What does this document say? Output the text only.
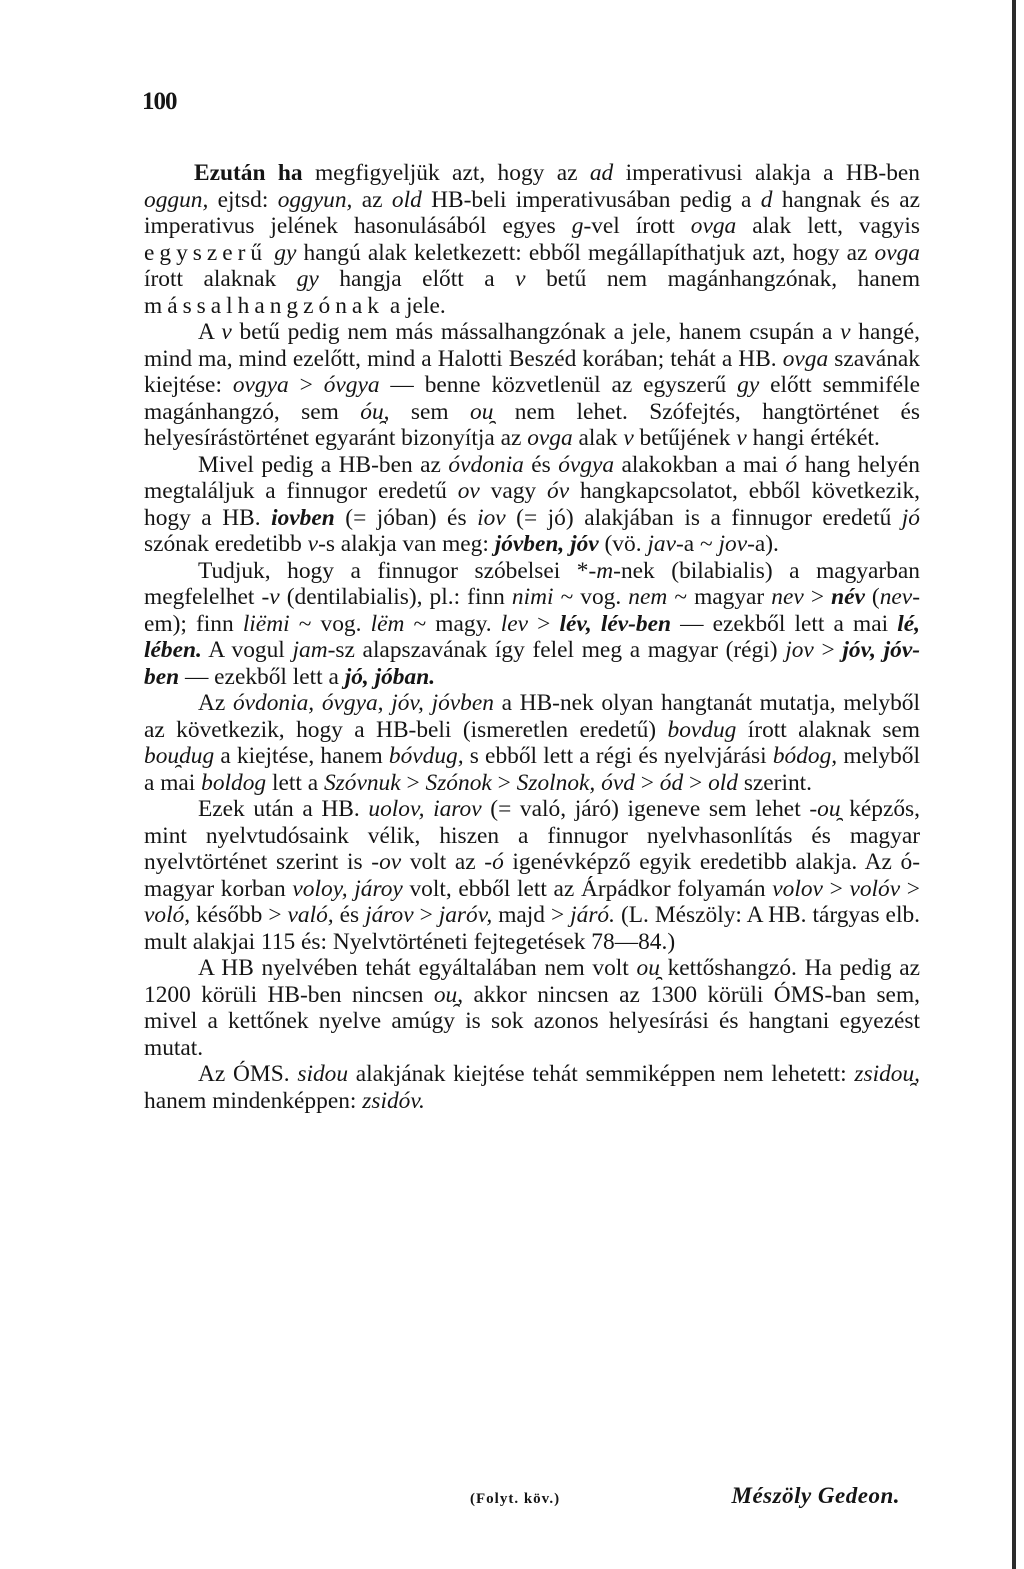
100

Ezután ha megfigyeljük azt, hogy az ad imperativusi alakja a HB-ben oggun, ejtsd: oggyun, az old HB-beli imperativusában pedig a d hangnak és az imperativus jelének hasonulásából egyes g-vel írott ovga alak lett, vagyis egyszerű gy hangú alak keletkezett: ebből megállapíthatjuk azt, hogy az ovga írott alaknak gy hangja előtt a v betű nem magánhangzónak, hanem mássalhangzónak a jele.

A v betű pedig nem más mássalhangzónak a jele, hanem csupán a v hangé, mind ma, mind ezelőtt, mind a Halotti Beszéd korában; tehát a HB. ovga szavának kiejtése: ovgya > óvgya — benne közvetlenül az egyszerű gy előtt semmiféle magánhangzó, sem óu̯, sem ou̯ nem lehet. Szófejtés, hangtörténet és helyesírástörténet egyaránt bizonyítja az ovga alak v betűjének v hangi értékét.

Mivel pedig a HB-ben az óvdonia és óvgya alakokban a mai ó hang helyén megtaláljuk a finnugor eredetű ov vagy óv hangkapcsolatot, ebből következik, hogy a HB. iovben (= jóban) és iov (= jó) alakjában is a finnugor eredetű jó szónak eredetibb v-s alakja van meg: jóvben, jóv (vö. jav-a ~ jov-a).

Tudjuk, hogy a finnugor szóbelsei *-m-nek (bilabialis) a magyarban megfelelhet -v (dentilabialis), pl.: finn nimi ~ vog. nem ~ magyar nev > név (nev-em); finn liëmi ~ vog. lëm ~ magy. lev > lév, lév-ben — ezekből lett a mai lé, lében. A vogul jam-sz alapszavának így felel meg a magyar (régi) jov > jóv, jóv-ben — ezekből lett a jó, jóban.

Az óvdonia, óvgya, jóv, jóvben a HB-nek olyan hangtanát mutatja, melyből az következik, hogy a HB-beli (ismeretlen eredetű) bovdug írott alaknak sem bou̯dug a kiejtése, hanem bóvdug, s ebből lett a régi és nyelvjárási bódog, melyből a mai boldog lett a Szóvnuk > Szónok > Szolnok, óvd > ód > old szerint.

Ezek után a HB. uolov, iarov (= való, járó) igeneve sem lehet -ou̯ képzős, mint nyelvtudósaink vélik, hiszen a finnugor nyelvhasonlítás és magyar nyelvtörténet szerint is -ov volt az -ó igenévképző egyik eredetibb alakja. Az ó-magyar korban voloy, jároy volt, ebből lett az Árpádkor folyamán volov > volóv > voló, később > való, és járov > jaróv, majd > járó. (L. Mészöly: A HB. tárgyas elb. mult alakjai 115 és: Nyelvtörténeti fejtegetések 78—84.)

A HB nyelvében tehát egyáltalában nem volt ou̯ kettőshangzó. Ha pedig az 1200 körüli HB-ben nincsen ou̯, akkor nincsen az 1300 körüli ÓMS-ban sem, mivel a kettőnek nyelve amúgy is sok azonos helyesírási és hangtani egyezést mutat.

Az ÓMS. sidou alakjának kiejtése tehát semmiképpen nem lehetett: zsidou̯, hanem mindenképpen: zsidóv.

(Folyt. köv.)	Mészöly Gedeon.
